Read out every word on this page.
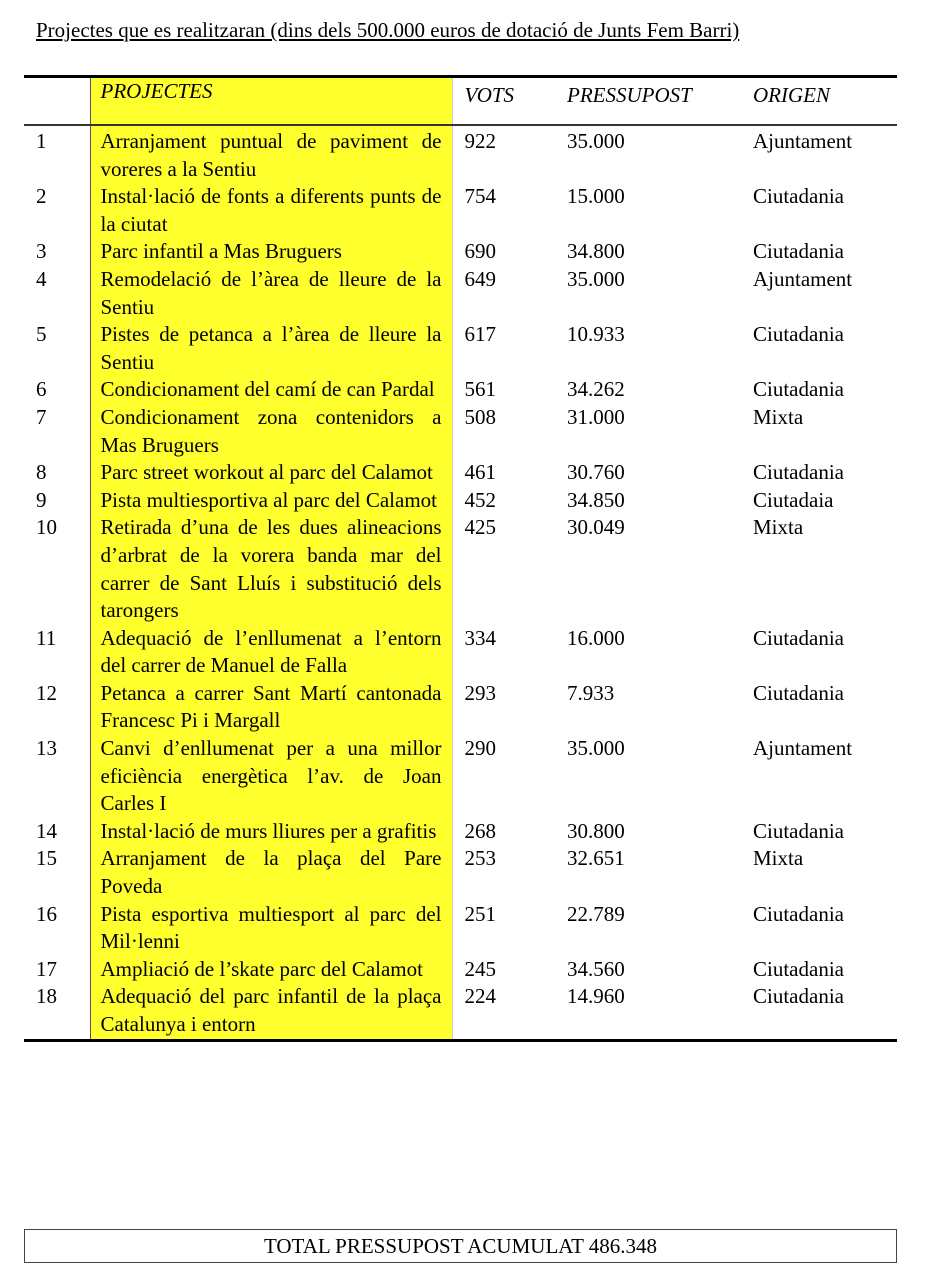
Projectes que es realitzaran (dins dels 500.000 euros de dotació de Junts Fem Barri)
	PROJECTES	VOTS	PRESSUPOST	ORIGEN
1	Arranjament puntual de paviment de voreres a la Sentiu	922	35.000	Ajuntament
2	Instal·lació de fonts a diferents punts de la ciutat	754	15.000	Ciutadania
3	Parc infantil a Mas Bruguers	690	34.800	Ciutadania
4	Remodelació de l’àrea de lleure de la Sentiu	649	35.000	Ajuntament
5	Pistes de petanca a l’àrea de lleure la Sentiu	617	10.933	Ciutadania
6	Condicionament del camí de can Pardal	561	34.262	Ciutadania
7	Condicionament zona contenidors a Mas Bruguers	508	31.000	Mixta
8	Parc street workout al parc del Calamot	461	30.760	Ciutadania
9	Pista multiesportiva al parc del Calamot	452	34.850	Ciutadaia
10	Retirada d’una de les dues alineacions d’arbrat de la vorera banda mar del carrer de Sant Lluís i substitució dels tarongers	425	30.049	Mixta
11	Adequació de l’enllumenat a l’entorn del carrer de Manuel de Falla	334	16.000	Ciutadania
12	Petanca a carrer Sant Martí cantonada Francesc Pi i Margall	293	7.933	Ciutadania
13	Canvi d’enllumenat per a una millor eficiència energètica l’av. de Joan Carles I	290	35.000	Ajuntament
14	Instal·lació de murs lliures per a grafitis	268	30.800	Ciutadania
15	Arranjament de la plaça del Pare Poveda	253	32.651	Mixta
16	Pista esportiva multiesport al parc del Mil·lenni	251	22.789	Ciutadania
17	Ampliació de l’skate parc del Calamot	245	34.560	Ciutadania
18	Adequació del parc infantil de la plaça Catalunya i entorn	224	14.960	Ciutadania
TOTAL PRESSUPOST ACUMULAT 486.348
